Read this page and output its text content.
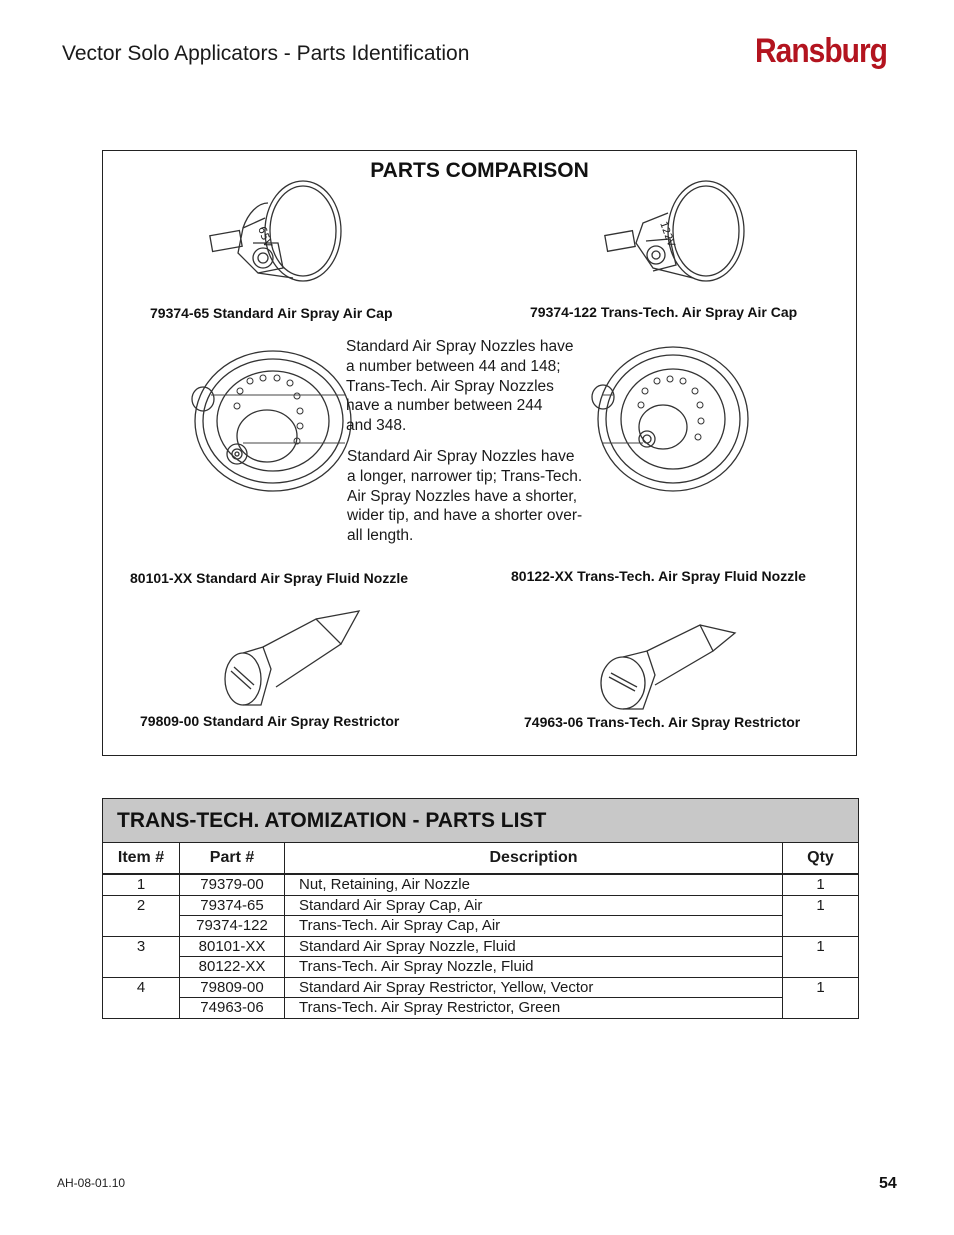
Vector Solo Applicators - Parts Identification	Ransburg
PARTS COMPARISON
65V	122V
79374-65 Standard Air Spray Air Cap	79374-122 Trans-Tech. Air Spray Air Cap
Standard Air Spray Nozzles have
a number between 44 and 148;
Trans-Tech. Air Spray Nozzles
have a number between 244
and 348.
Standard Air Spray Nozzles have
a longer, narrower tip; Trans-Tech.
Air Spray Nozzles have a shorter,
wider tip, and have a shorter over-
all length.
80101-XX Standard Air Spray Fluid Nozzle	80122-XX Trans-Tech. Air Spray Fluid Nozzle
79809-00 Standard Air Spray Restrictor	74963-06 Trans-Tech. Air Spray Restrictor
TRANS-TECH. ATOMIZATION - PARTS LIST			
Item #	Part #	Description	Qty
1	79379-00	Nut, Retaining, Air Nozzle	1
2	79374-65	Standard Air Spray Cap, Air	1
	79374-122	Trans-Tech. Air Spray Cap, Air	
3	80101-XX	Standard Air Spray Nozzle, Fluid	1
	80122-XX	Trans-Tech. Air Spray Nozzle, Fluid	
4	79809-00	Standard Air Spray Restrictor, Yellow, Vector	1
	74963-06	Trans-Tech. Air Spray Restrictor, Green	
AH-08-01.10	54
